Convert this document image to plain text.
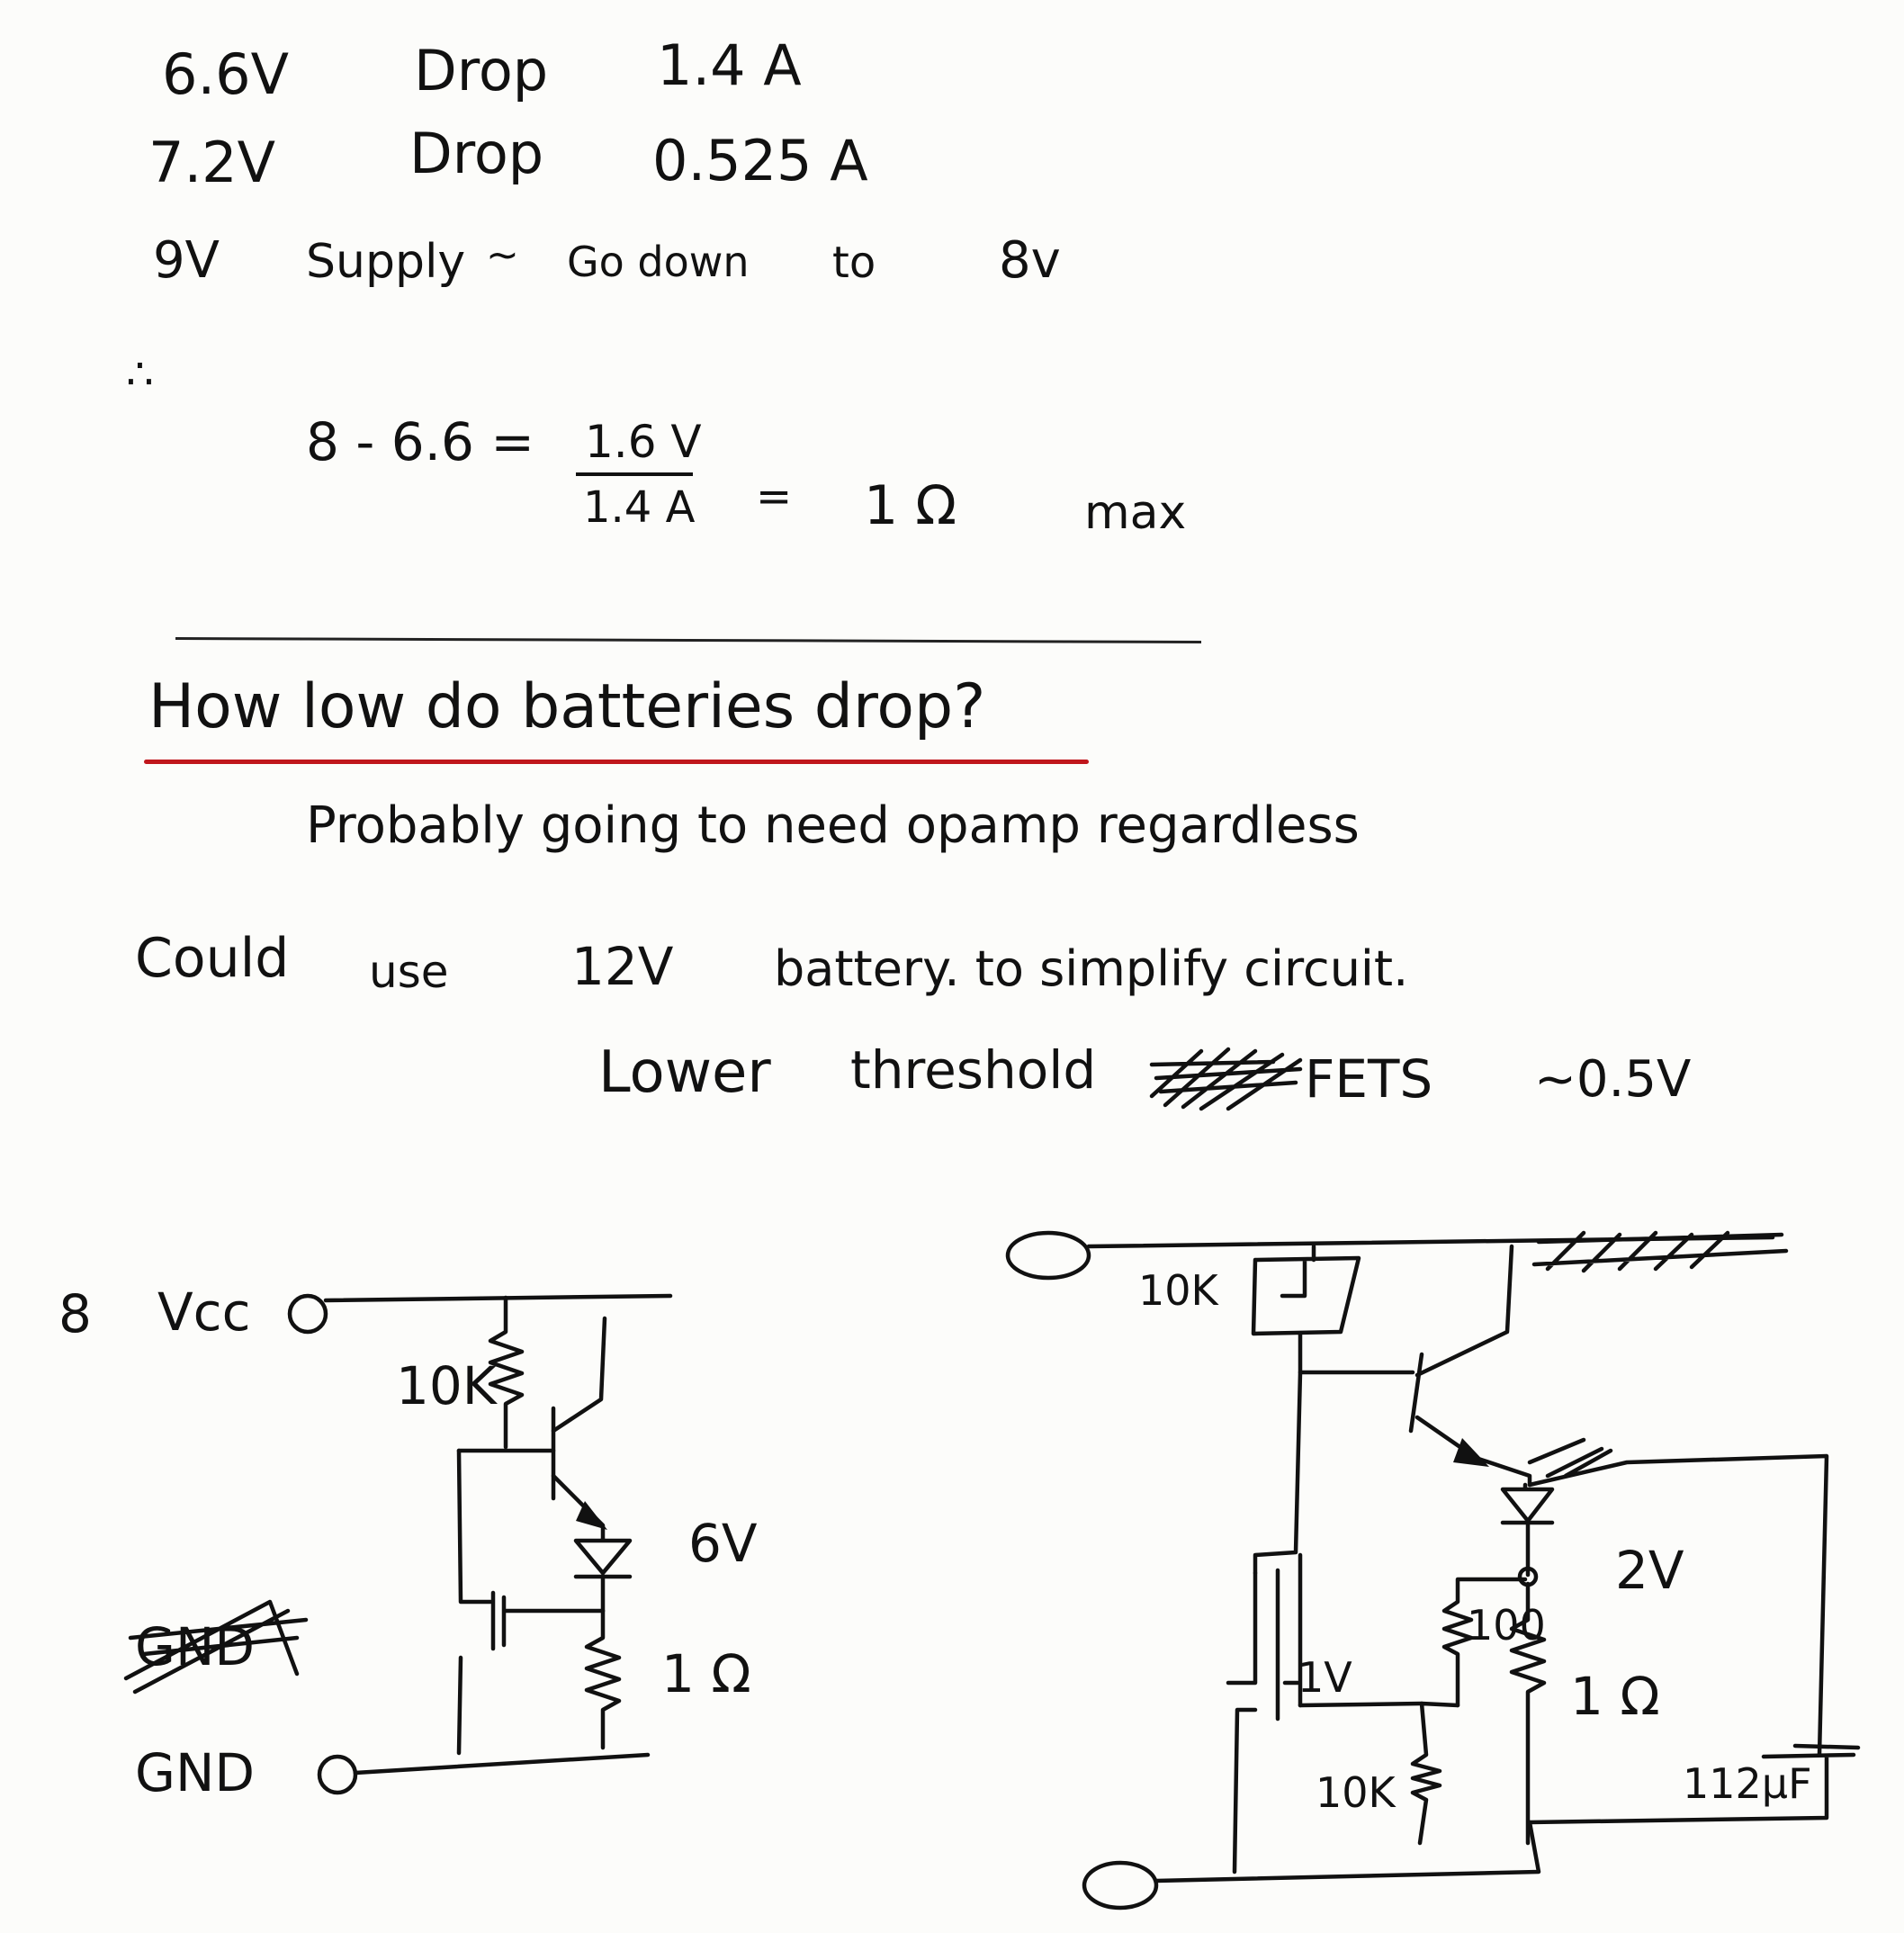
6.6V Drop 1.4 A
7.2V Drop 0.525 A
9V Supply ~ Go down to 8v
∴
8 - 6.6 = 1.6 V
1.4 A = 1 Ω	max
How low do batteries drop?
Probably going to need opamp regardless
Could use 12V battery. to simplify circuit.
Lower threshold	FETS ~0.5V
8 Vcc
10K
6V
1 Ω
GND
GND
10K
2V
1 Ω
100
10K
1V
112μF
